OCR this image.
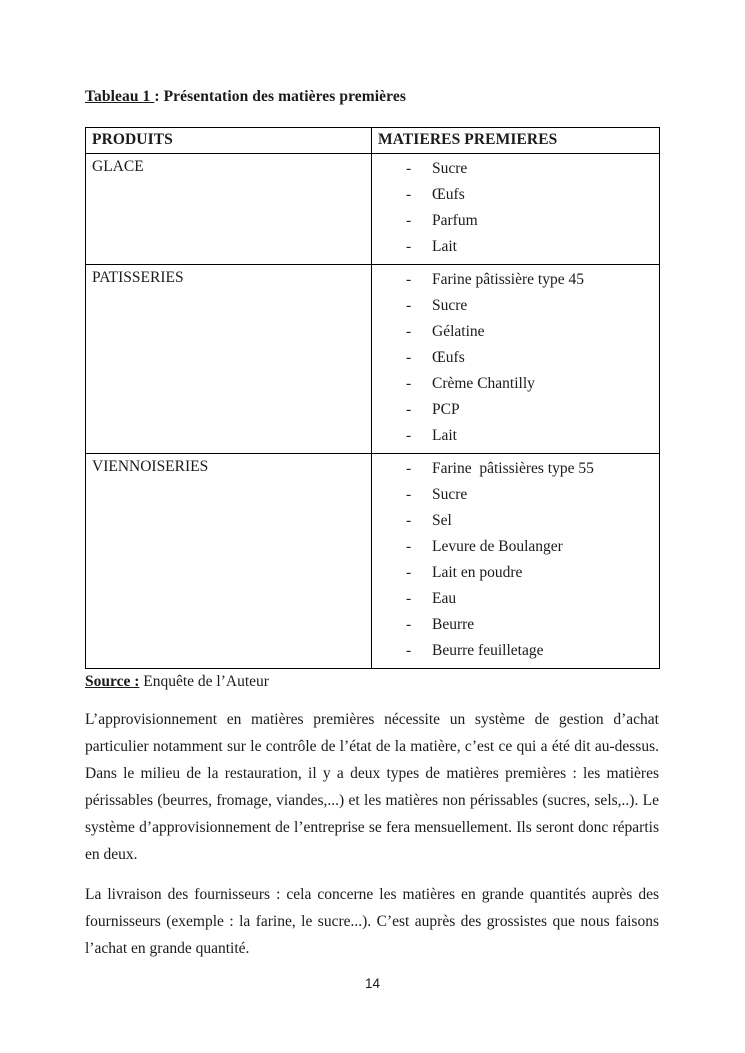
Tableau 1 : Présentation des matières premières

PRODUITS	MATIERES PREMIERES
GLACE	-	Sucre
-	Œufs
-	Parfum
-	Lait

PATISSERIES	-	Farine pâtissière type 45
-	Sucre
-	Gélatine
-	Œufs
-	Crème Chantilly
-	PCP
-	Lait

VIENNOISERIES	-	Farine  pâtissières type 55
-	Sucre
-	Sel
-	Levure de Boulanger
-	Lait en poudre
-	Eau
-	Beurre
-	Beurre feuilletage

Source : Enquête de l’Auteur

L’approvisionnement en matières premières nécessite un système de gestion d’achat particulier notamment sur le contrôle de l’état de la matière, c’est ce qui a été dit au-dessus. Dans le milieu de la restauration, il y a deux types de matières premières : les matières périssables (beurres, fromage, viandes,...) et les matières non périssables (sucres, sels,..). Le système d’approvisionnement de l’entreprise se fera mensuellement. Ils seront donc répartis en deux.

La livraison des fournisseurs : cela concerne les matières en grande quantités auprès des fournisseurs (exemple : la farine, le sucre...). C’est auprès des grossistes que nous faisons l’achat en grande quantité.

14
